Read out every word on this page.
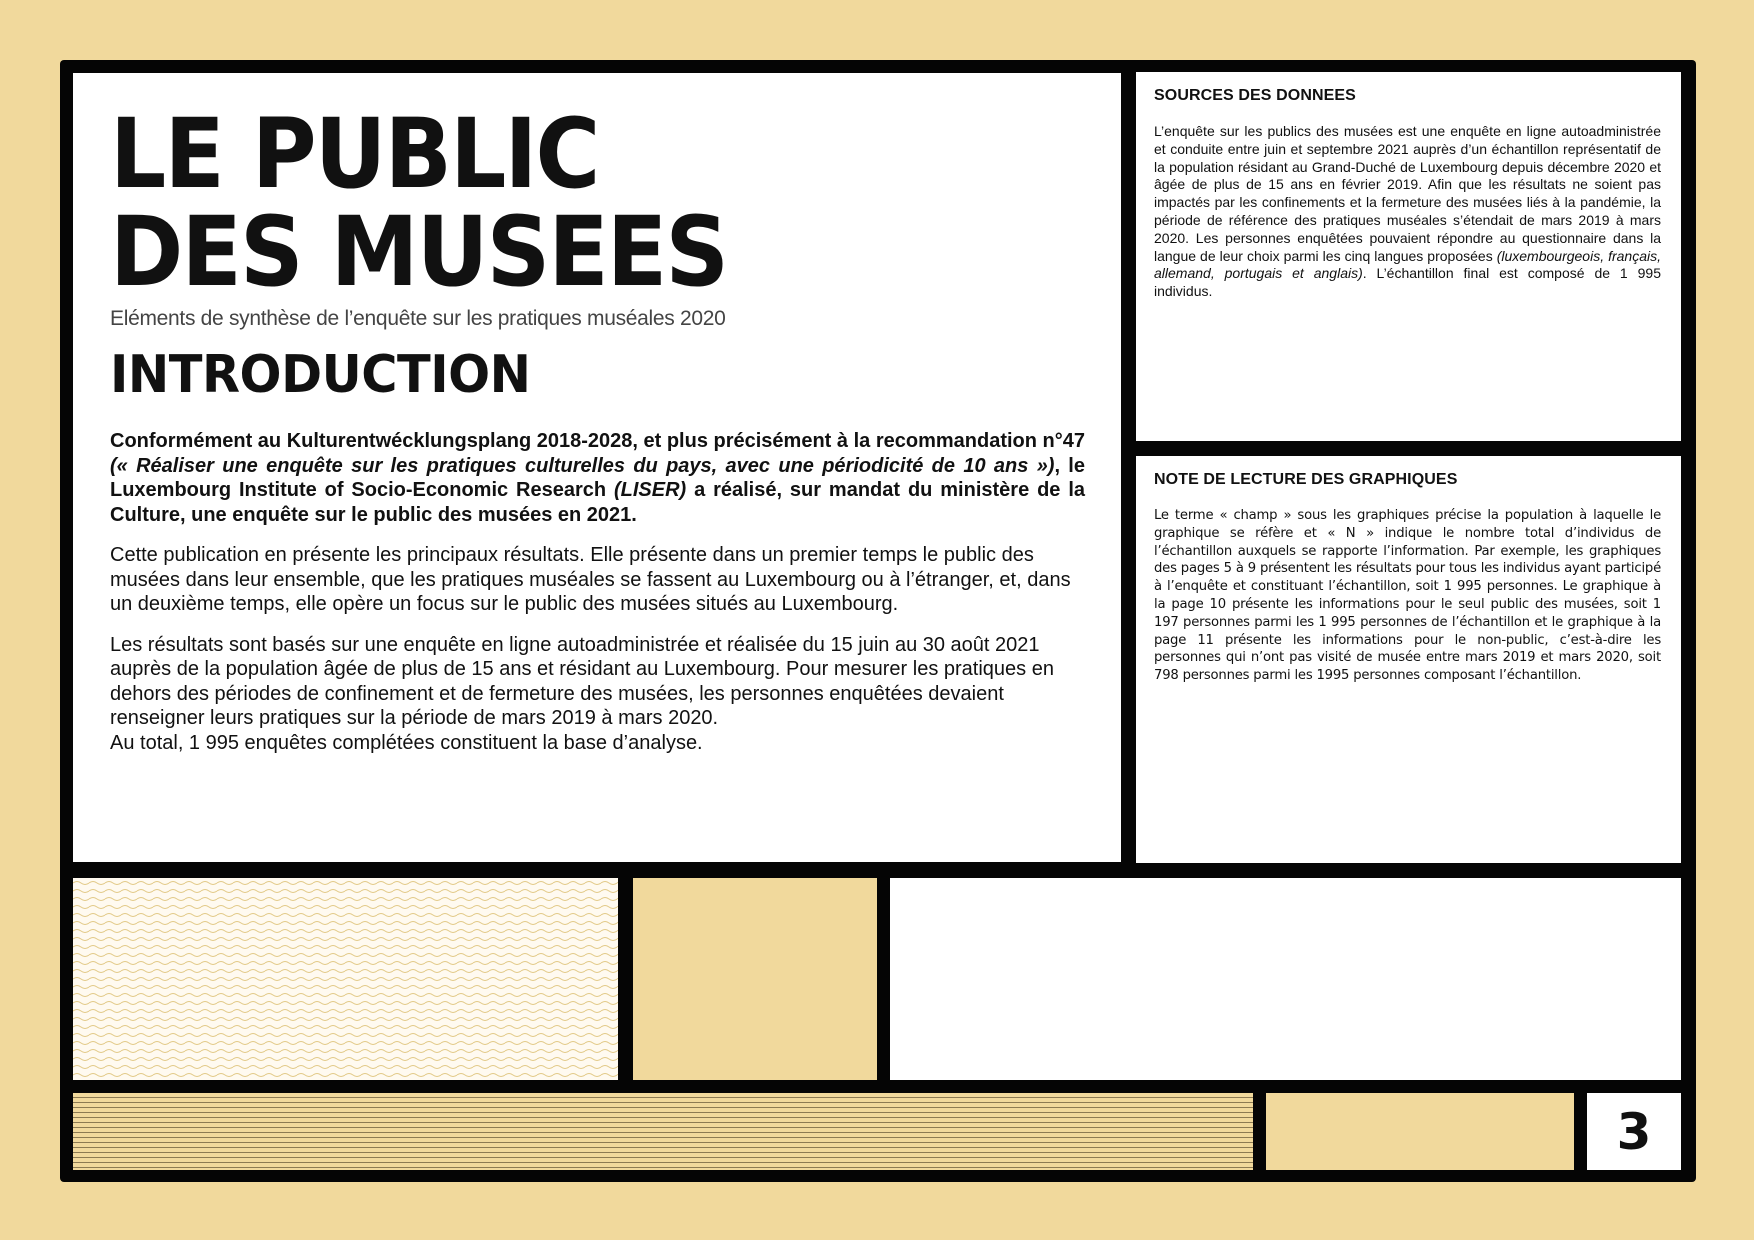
LE PUBLIC
DES MUSEES

Eléments de synthèse de l’enquête sur les pratiques muséales 2020

INTRODUCTION

Conformément au Kulturentwécklungsplang 2018-2028, et plus précisément à la recommandation n°47 (« Réaliser une enquête sur les pratiques culturelles du pays, avec une périodicité de 10 ans »), le Luxembourg Institute of Socio-Economic Research (LISER) a réalisé, sur mandat du ministère de la Culture, une enquête sur le public des musées en 2021.

Cette publication en présente les principaux résultats. Elle présente dans un premier temps le public des musées dans leur ensemble, que les pratiques muséales se fassent au Luxembourg ou à l’étranger, et, dans un deuxième temps, elle opère un focus sur le public des musées situés au Luxembourg.

Les résultats sont basés sur une enquête en ligne autoadministrée et réalisée du 15 juin au 30 août 2021 auprès de la population âgée de plus de 15 ans et résidant au Luxembourg. Pour mesurer les pratiques en dehors des périodes de confinement et de fermeture des musées, les personnes enquêtées devaient renseigner leurs pratiques sur la période de mars 2019 à mars 2020.
Au total, 1 995 enquêtes complétées constituent la base d’analyse.

SOURCES DES DONNEES

L’enquête sur les publics des musées est une enquête en ligne autoadministrée et conduite entre juin et septembre 2021 auprès d’un échantillon représentatif de la population résidant au Grand-Duché de Luxembourg depuis décembre 2020 et âgée de plus de 15 ans en février 2019. Afin que les résultats ne soient pas impactés par les confinements et la fermeture des musées liés à la pandémie, la période de référence des pratiques muséales s’étendait de mars 2019 à mars 2020. Les personnes enquêtées pouvaient répondre au questionnaire dans la langue de leur choix parmi les cinq langues proposées (luxembourgeois, français, allemand, portugais et anglais). L’échantillon final est composé de 1 995 individus.

NOTE DE LECTURE DES GRAPHIQUES

Le terme « champ » sous les graphiques précise la population à laquelle le graphique se réfère et « N » indique le nombre total d’individus de l’échantillon auxquels se rapporte l’information. Par exemple, les graphiques des pages 5 à 9 présentent les résultats pour tous les individus ayant participé à l’enquête et constituant l’échantillon, soit 1 995 personnes. Le graphique à la page 10 présente les informations pour le seul public des musées, soit 1 197 personnes parmi les 1 995 personnes de l’échantillon et le graphique à la page 11 présente les informations pour le non-public, c’est-à-dire les personnes qui n’ont pas visité de musée entre mars 2019 et mars 2020, soit 798 personnes parmi les 1995 personnes composant l’échantillon.

3
